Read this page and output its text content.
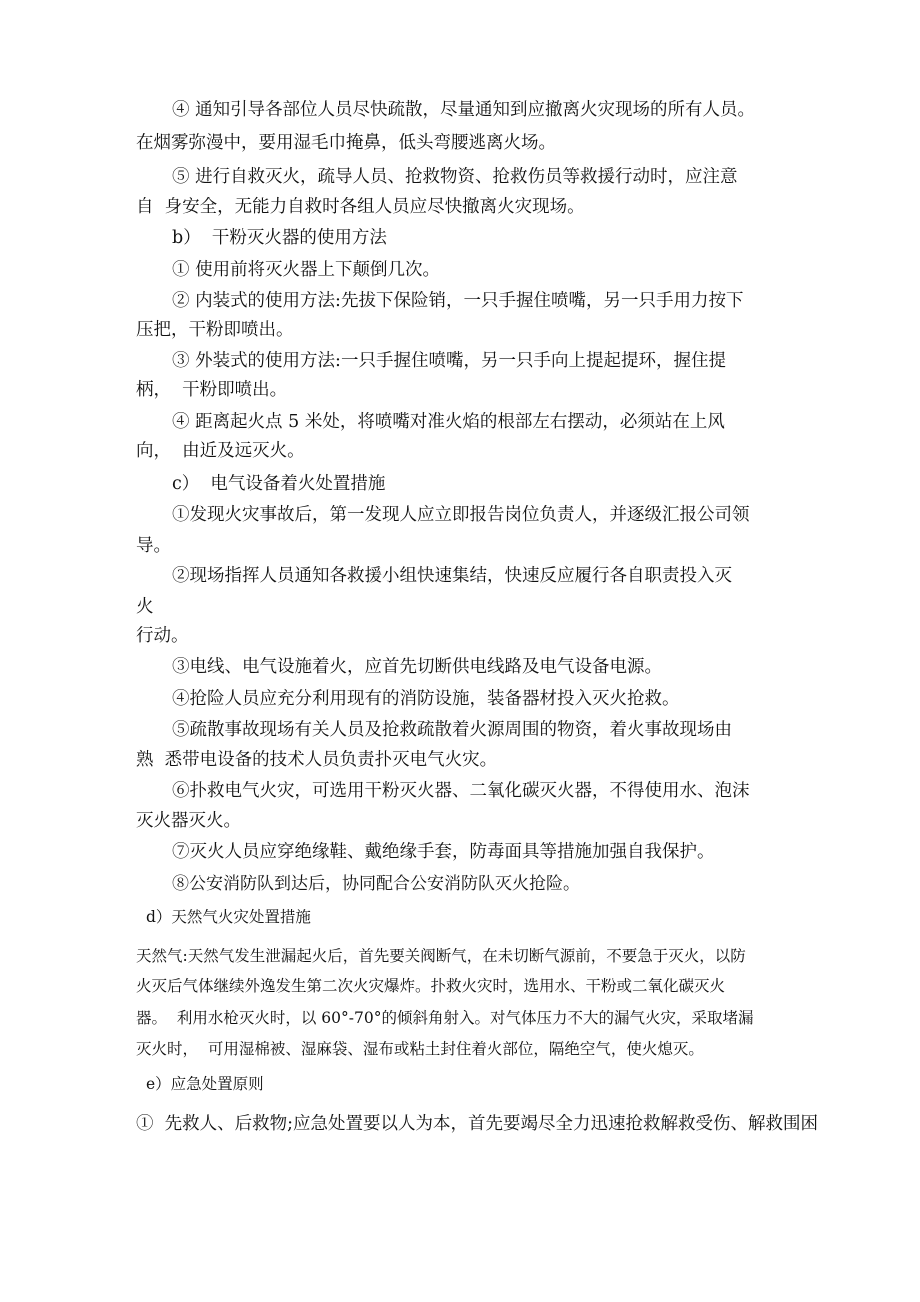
④ 通知引导各部位人员尽快疏散，尽量通知到应撤离火灾现场的所有人员。

在烟雾弥漫中，要用湿毛巾掩鼻，低头弯腰逃离火场。

⑤ 进行自救灭火，疏导人员、抢救物资、抢救伤员等救援行动时，应注意

自  身安全，无能力自救时各组人员应尽快撤离火灾现场。

b）  干粉灭火器的使用方法

① 使用前将灭火器上下颠倒几次。

② 内装式的使用方法:先拔下保险销，一只手握住喷嘴，另一只手用力按下

压把，干粉即喷出。

③ 外装式的使用方法:一只手握住喷嘴，另一只手向上提起提环，握住提

柄，  干粉即喷出。

④ 距离起火点 5 米处，将喷嘴对准火焰的根部左右摆动，必须站在上风

向，  由近及远灭火。

c）  电气设备着火处置措施

①发现火灾事故后，第一发现人应立即报告岗位负责人，并逐级汇报公司领

导。

②现场指挥人员通知各救援小组快速集结，快速反应履行各自职责投入灭

火

行动。

③电线、电气设施着火，应首先切断供电线路及电气设备电源。

④抢险人员应充分利用现有的消防设施，装备器材投入灭火抢救。

⑤疏散事故现场有关人员及抢救疏散着火源周围的物资，着火事故现场由

熟  悉带电设备的技术人员负责扑灭电气火灾。

⑥扑救电气火灾，可选用干粉灭火器、二氧化碳灭火器，不得使用水、泡沫

灭火器灭火。

⑦灭火人员应穿绝缘鞋、戴绝缘手套，防毒面具等措施加强自我保护。

⑧公安消防队到达后，协同配合公安消防队灭火抢险。

d）天然气火灾处置措施

天然气:天然气发生泄漏起火后，首先要关阀断气，在未切断气源前，不要急于灭火，以防

火灭后气体继续外逸发生第二次火灾爆炸。扑救火灾时，选用水、干粉或二氧化碳灭火

器。  利用水枪灭火时，以 60°-70°的倾斜角射入。对气体压力不大的漏气火灾，采取堵漏

灭火时，  可用湿棉被、湿麻袋、湿布或粘土封住着火部位，隔绝空气，使火熄灭。

e）应急处置原则

①  先救人、后救物;应急处置要以人为本，首先要竭尽全力迅速抢救解救受伤、解救围困
